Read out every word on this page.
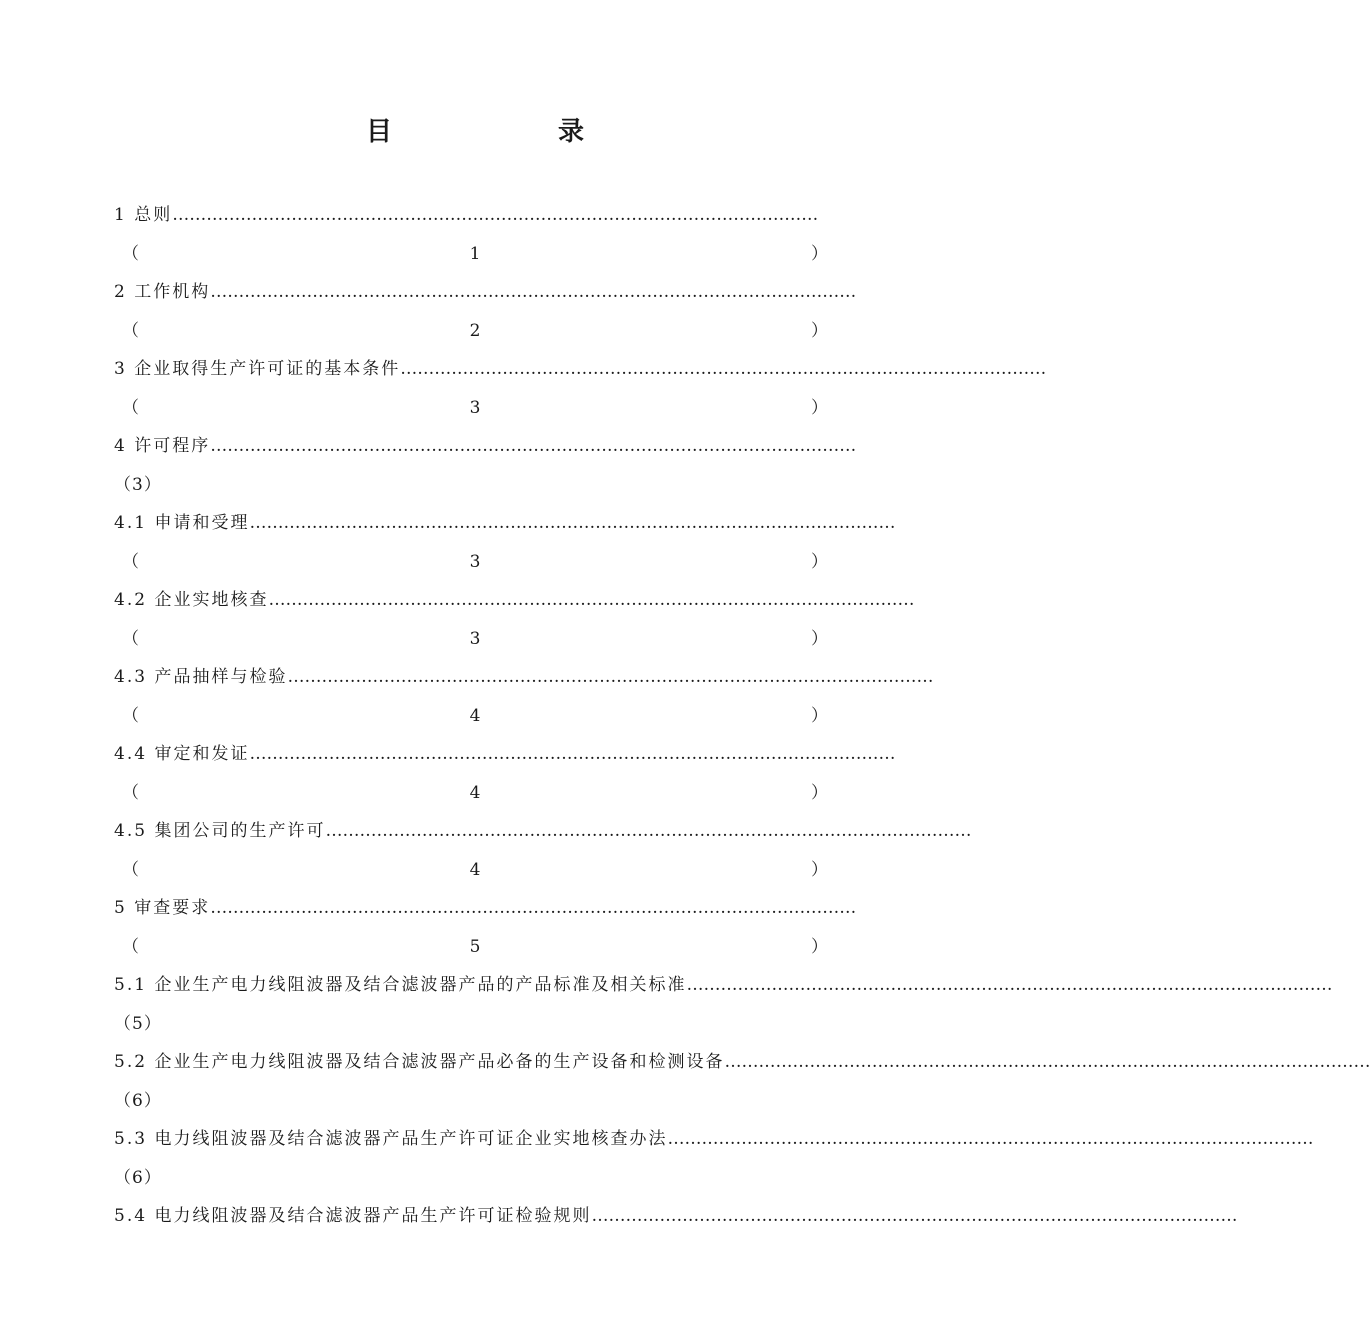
目　录
1 总则……………………………………………………………………………………………………
（	1	）
2 工作机构……………………………………………………………………………………………………
（	2	）
3 企业取得生产许可证的基本条件……………………………………………………………………………………………………
（	3	）
4 许可程序……………………………………………………………………………………………………
（3）
4.1 申请和受理……………………………………………………………………………………………………
（	3	）
4.2 企业实地核查……………………………………………………………………………………………………
（	3	）
4.3 产品抽样与检验……………………………………………………………………………………………………
（	4	）
4.4 审定和发证……………………………………………………………………………………………………
（	4	）
4.5 集团公司的生产许可……………………………………………………………………………………………………
（	4	）
5 审查要求……………………………………………………………………………………………………
（	5	）
5.1 企业生产电力线阻波器及结合滤波器产品的产品标准及相关标准……………………………………………………………………………………………………
（5）
5.2 企业生产电力线阻波器及结合滤波器产品必备的生产设备和检测设备……………………………………………………………………………………………………
（6）
5.3 电力线阻波器及结合滤波器产品生产许可证企业实地核查办法……………………………………………………………………………………………………
（6）
5.4 电力线阻波器及结合滤波器产品生产许可证检验规则……………………………………………………………………………………………………
